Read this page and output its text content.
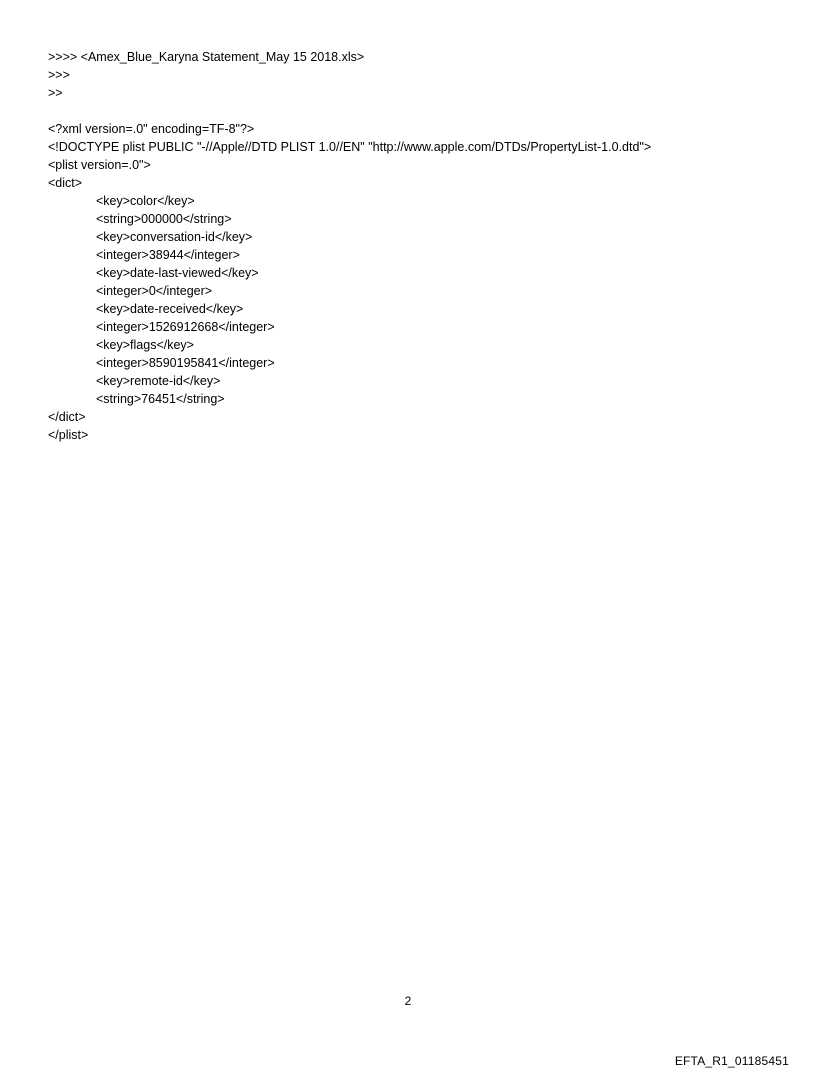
>>>> <Amex_Blue_Karyna Statement_May 15 2018.xls>
>>>
>>
<?xml version=.0" encoding=TF-8"?>
<!DOCTYPE plist PUBLIC "-//Apple//DTD PLIST 1.0//EN" "http://www.apple.com/DTDs/PropertyList-1.0.dtd">
<plist version=.0">
<dict>
<key>color</key>
<string>000000</string>
<key>conversation-id</key>
<integer>38944</integer>
<key>date-last-viewed</key>
<integer>0</integer>
<key>date-received</key>
<integer>1526912668</integer>
<key>flags</key>
<integer>8590195841</integer>
<key>remote-id</key>
<string>76451</string>
</dict>
</plist>
2
EFTA_R1_01185451
